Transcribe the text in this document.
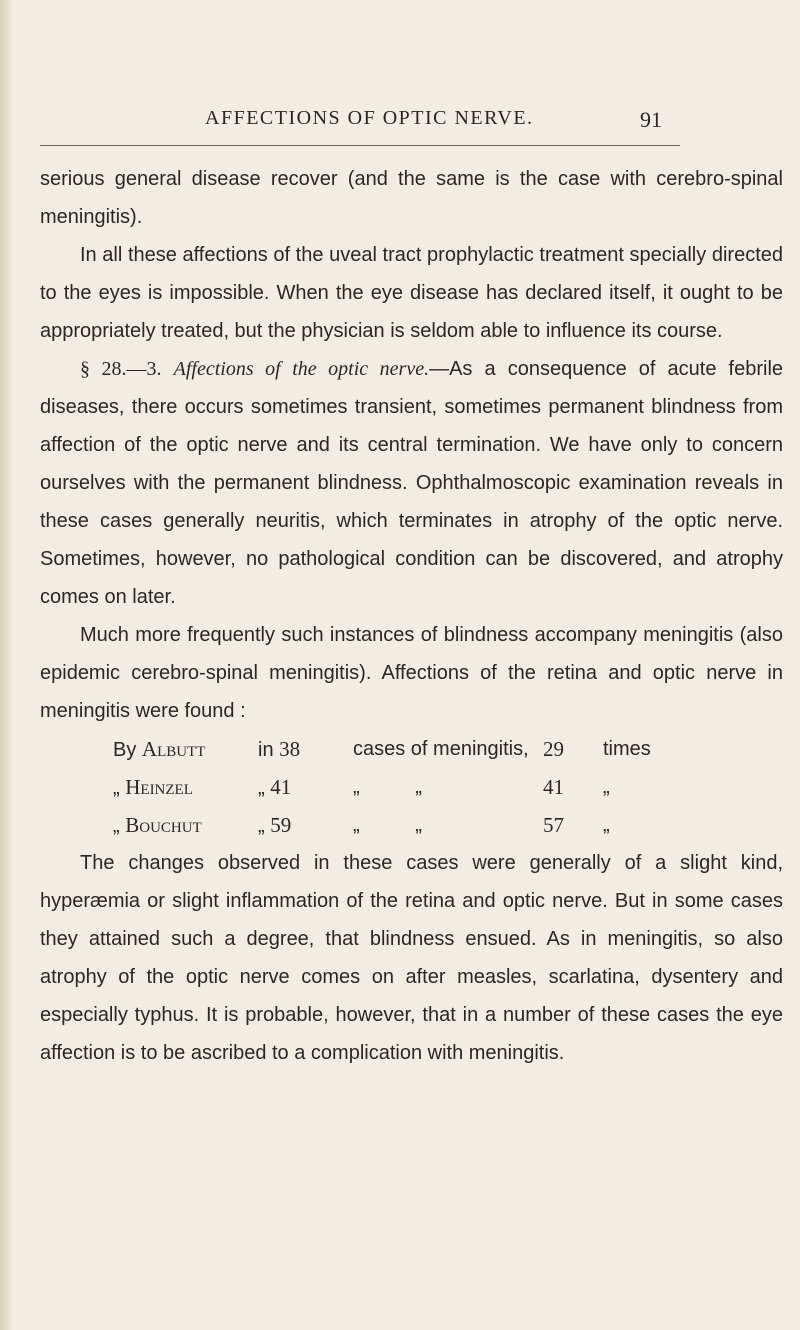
AFFECTIONS OF OPTIC NERVE.	91

serious general disease recover (and the same is the case with cerebro-spinal meningitis).

In all these affections of the uveal tract prophylactic treatment specially directed to the eyes is impossible. When the eye disease has declared itself, it ought to be appropriately treated, but the physician is seldom able to influence its course.

§ 28.—3. Affections of the optic nerve.—As a consequence of acute febrile diseases, there occurs sometimes transient, sometimes permanent blindness from affection of the optic nerve and its central termination. We have only to concern ourselves with the permanent blindness. Ophthalmoscopic examination reveals in these cases generally neuritis, which terminates in atrophy of the optic nerve. Sometimes, however, no pathological condition can be discovered, and atrophy comes on later.

Much more frequently such instances of blindness accompany meningitis (also epidemic cerebro-spinal meningitis). Affections of the retina and optic nerve in meningitis were found :

By Albutt	in 38	cases of meningitis, 29	times
„ Heinzel	„ 41	„          „	41	„
„ Bouchut	„ 59	„          „	57	„

The changes observed in these cases were generally of a slight kind, hyperæmia or slight inflammation of the retina and optic nerve. But in some cases they attained such a degree, that blindness ensued. As in meningitis, so also atrophy of the optic nerve comes on after measles, scarlatina, dysentery and especially typhus. It is probable, however, that in a number of these cases the eye affection is to be ascribed to a complication with meningitis.
